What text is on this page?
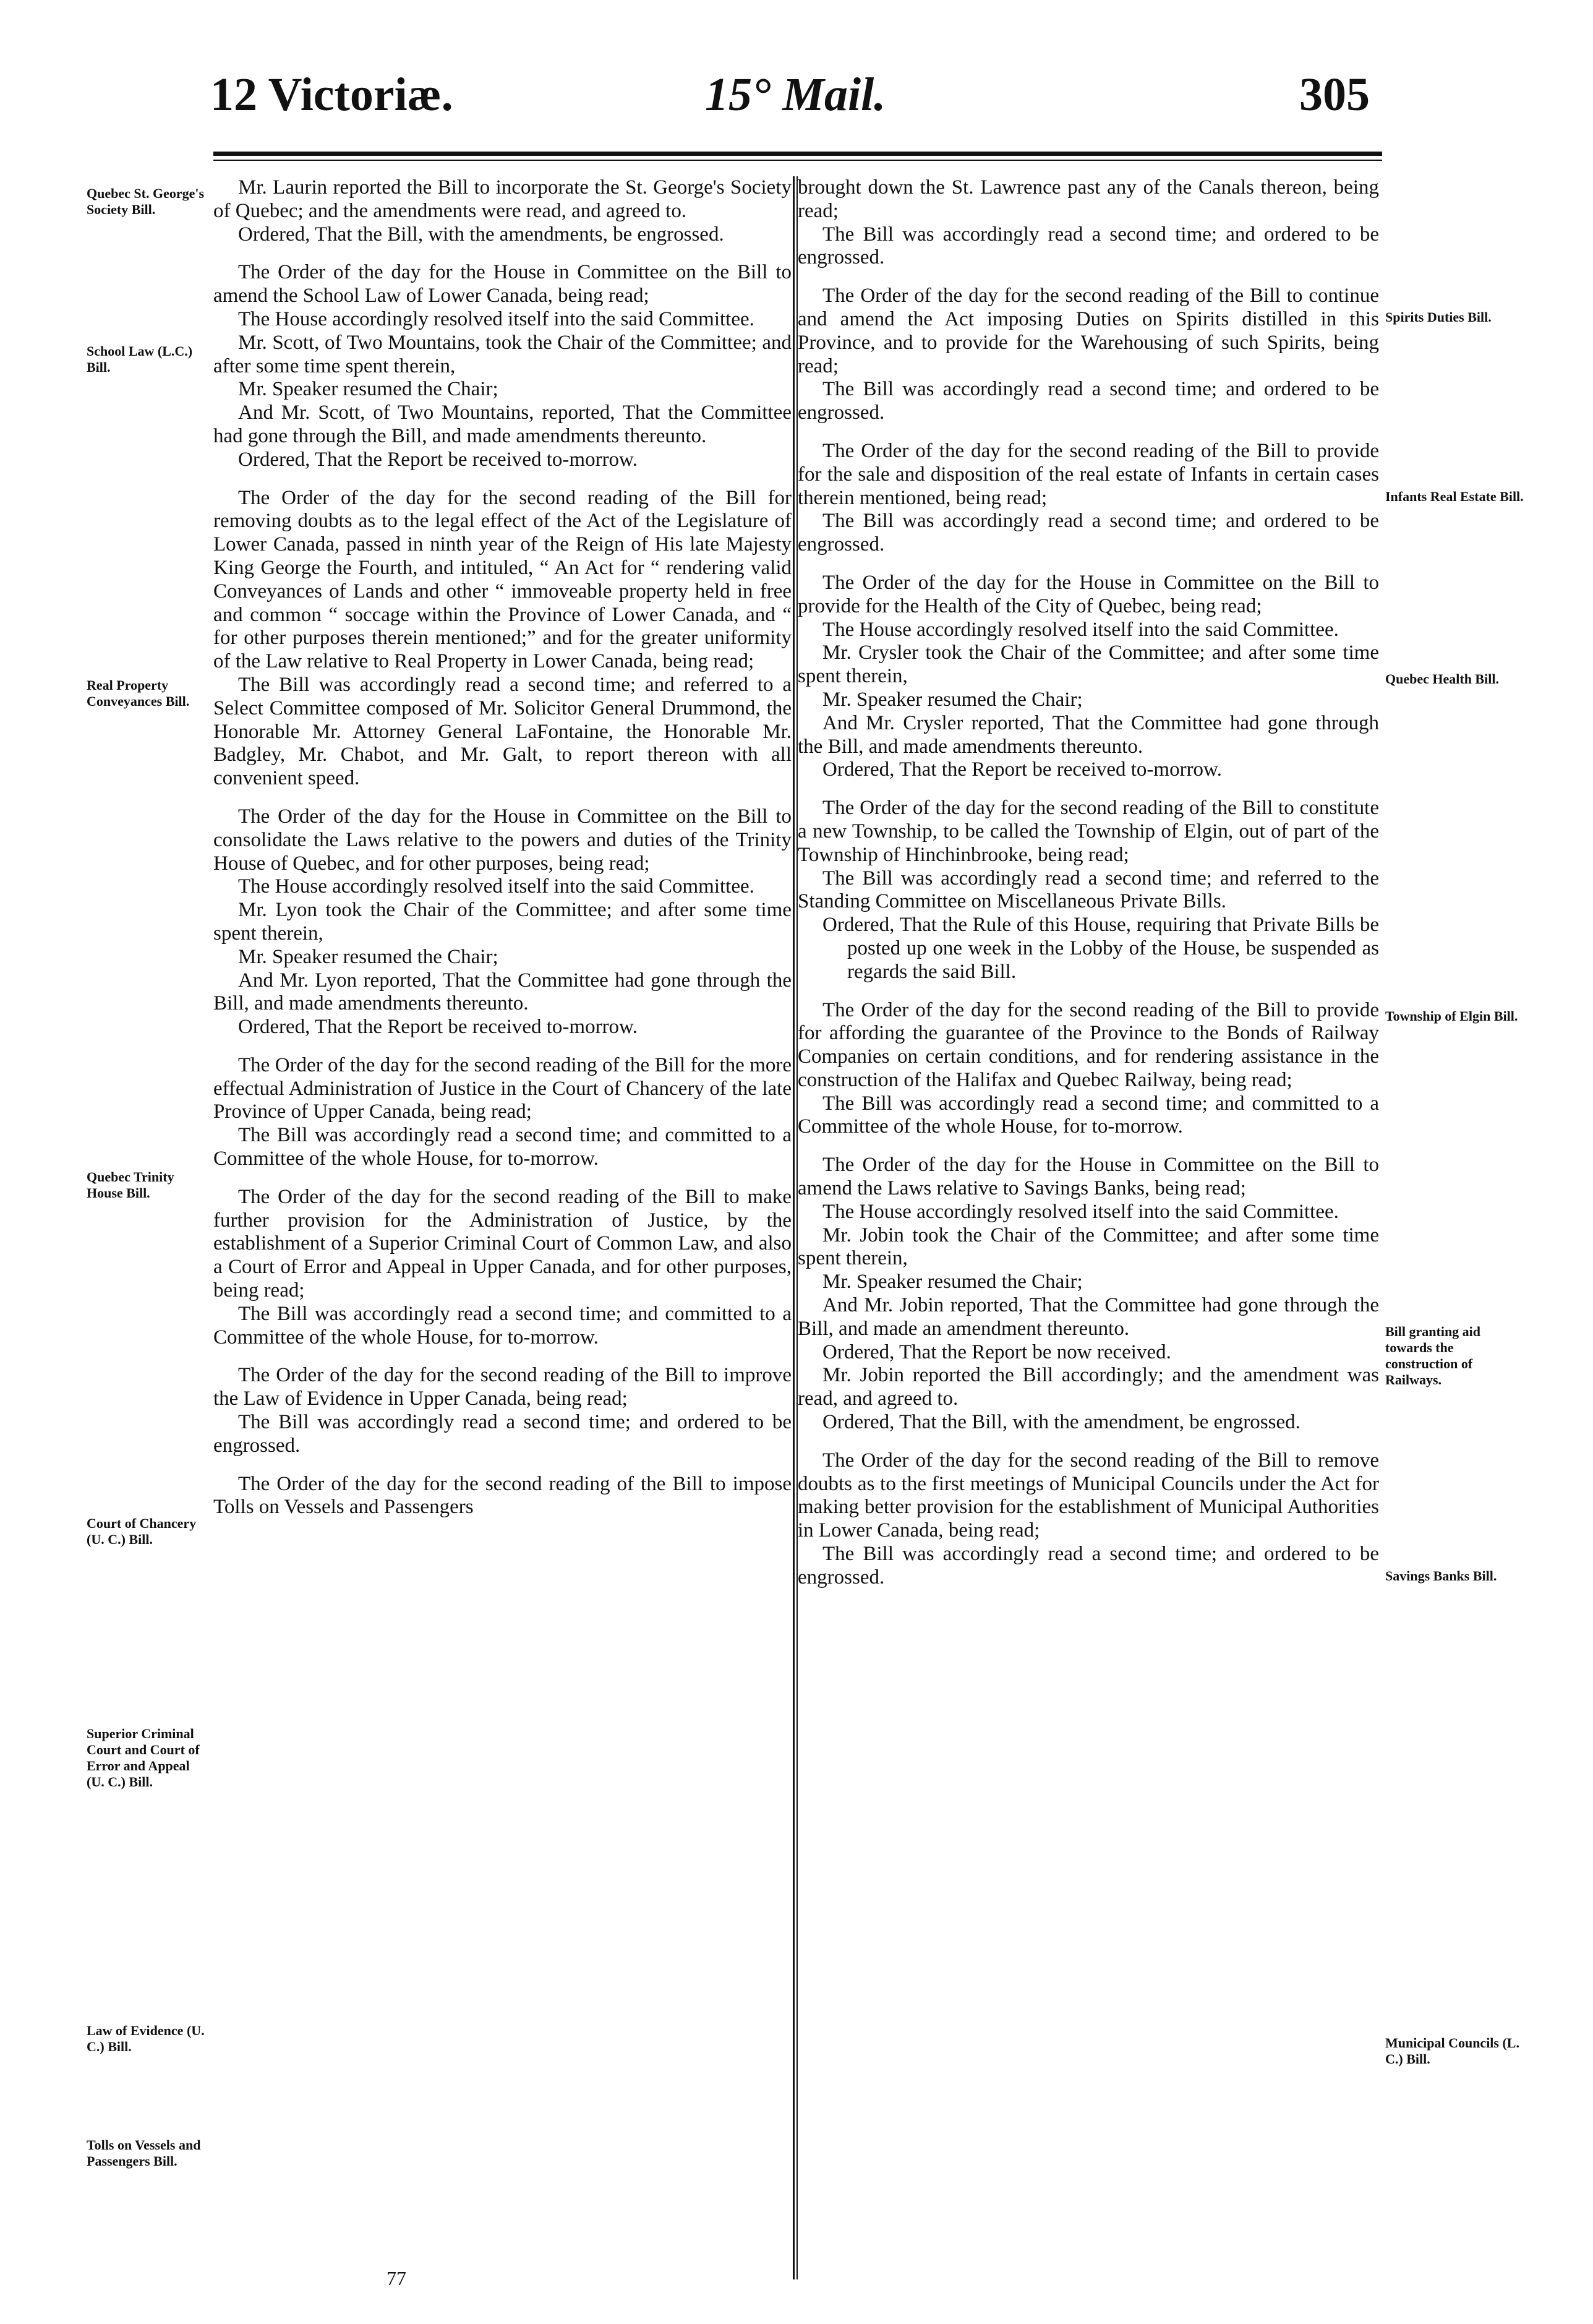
12 Victoriæ.	15° Mail.	305
Quebec St. George's Society Bill.
School Law (L.C.) Bill.
Real Property Conveyances Bill.
Quebec Trinity House Bill.
Court of Chancery (U. C.) Bill.
Superior Criminal Court and Court of Error and Appeal (U. C.) Bill.
Law of Evidence (U. C.) Bill.
Tolls on Vessels and Passengers Bill.
Spirits Duties Bill.
Infants Real Estate Bill.
Quebec Health Bill.
Township of Elgin Bill.
Bill granting aid towards the construction of Railways.
Savings Banks Bill.
Municipal Councils (L. C.) Bill.

Mr. Laurin reported the Bill to incorporate the St. George's Society of Quebec; and the amendments were read, and agreed to.

Ordered, That the Bill, with the amendments, be engrossed.

The Order of the day for the House in Committee on the Bill to amend the School Law of Lower Canada, being read;

The House accordingly resolved itself into the said Committee.

Mr. Scott, of Two Mountains, took the Chair of the Committee; and after some time spent therein,

Mr. Speaker resumed the Chair;

And Mr. Scott, of Two Mountains, reported, That the Committee had gone through the Bill, and made amendments thereunto.

Ordered, That the Report be received to-morrow.

The Order of the day for the second reading of the Bill for removing doubts as to the legal effect of the Act of the Legislature of Lower Canada, passed in ninth year of the Reign of His late Majesty King George the Fourth, and intituled, “ An Act for “ rendering valid Conveyances of Lands and other “ immoveable property held in free and common “ soccage within the Province of Lower Canada, and “ for other purposes therein mentioned;” and for the greater uniformity of the Law relative to Real Property in Lower Canada, being read;

The Bill was accordingly read a second time; and referred to a Select Committee composed of Mr. Solicitor General Drummond, the Honorable Mr. Attorney General LaFontaine, the Honorable Mr. Badgley, Mr. Chabot, and Mr. Galt, to report thereon with all convenient speed.

The Order of the day for the House in Committee on the Bill to consolidate the Laws relative to the powers and duties of the Trinity House of Quebec, and for other purposes, being read;

The House accordingly resolved itself into the said Committee.

Mr. Lyon took the Chair of the Committee; and after some time spent therein,

Mr. Speaker resumed the Chair;

And Mr. Lyon reported, That the Committee had gone through the Bill, and made amendments thereunto.

Ordered, That the Report be received to-morrow.

The Order of the day for the second reading of the Bill for the more effectual Administration of Justice in the Court of Chancery of the late Province of Upper Canada, being read;

The Bill was accordingly read a second time; and committed to a Committee of the whole House, for to-morrow.

The Order of the day for the second reading of the Bill to make further provision for the Administration of Justice, by the establishment of a Superior Criminal Court of Common Law, and also a Court of Error and Appeal in Upper Canada, and for other purposes, being read;

The Bill was accordingly read a second time; and committed to a Committee of the whole House, for to-morrow.

The Order of the day for the second reading of the Bill to improve the Law of Evidence in Upper Canada, being read;

The Bill was accordingly read a second time; and ordered to be engrossed.

The Order of the day for the second reading of the Bill to impose Tolls on Vessels and Passengers

brought down the St. Lawrence past any of the Canals thereon, being read;

The Bill was accordingly read a second time; and ordered to be engrossed.

The Order of the day for the second reading of the Bill to continue and amend the Act imposing Duties on Spirits distilled in this Province, and to provide for the Warehousing of such Spirits, being read;

The Bill was accordingly read a second time; and ordered to be engrossed.

The Order of the day for the second reading of the Bill to provide for the sale and disposition of the real estate of Infants in certain cases therein mentioned, being read;

The Bill was accordingly read a second time; and ordered to be engrossed.

The Order of the day for the House in Committee on the Bill to provide for the Health of the City of Quebec, being read;

The House accordingly resolved itself into the said Committee.

Mr. Crysler took the Chair of the Committee; and after some time spent therein,

Mr. Speaker resumed the Chair;

And Mr. Crysler reported, That the Committee had gone through the Bill, and made amendments thereunto.

Ordered, That the Report be received to-morrow.

The Order of the day for the second reading of the Bill to constitute a new Township, to be called the Township of Elgin, out of part of the Township of Hinchinbrooke, being read;

The Bill was accordingly read a second time; and referred to the Standing Committee on Miscellaneous Private Bills.

Ordered, That the Rule of this House, requiring that Private Bills be posted up one week in the Lobby of the House, be suspended as regards the said Bill.

The Order of the day for the second reading of the Bill to provide for affording the guarantee of the Province to the Bonds of Railway Companies on certain conditions, and for rendering assistance in the construction of the Halifax and Quebec Railway, being read;

The Bill was accordingly read a second time; and committed to a Committee of the whole House, for to-morrow.

The Order of the day for the House in Committee on the Bill to amend the Laws relative to Savings Banks, being read;

The House accordingly resolved itself into the said Committee.

Mr. Jobin took the Chair of the Committee; and after some time spent therein,

Mr. Speaker resumed the Chair;

And Mr. Jobin reported, That the Committee had gone through the Bill, and made an amendment thereunto.

Ordered, That the Report be now received.

Mr. Jobin reported the Bill accordingly; and the amendment was read, and agreed to.

Ordered, That the Bill, with the amendment, be engrossed.

The Order of the day for the second reading of the Bill to remove doubts as to the first meetings of Municipal Councils under the Act for making better provision for the establishment of Municipal Authorities in Lower Canada, being read;

The Bill was accordingly read a second time; and ordered to be engrossed.

77
